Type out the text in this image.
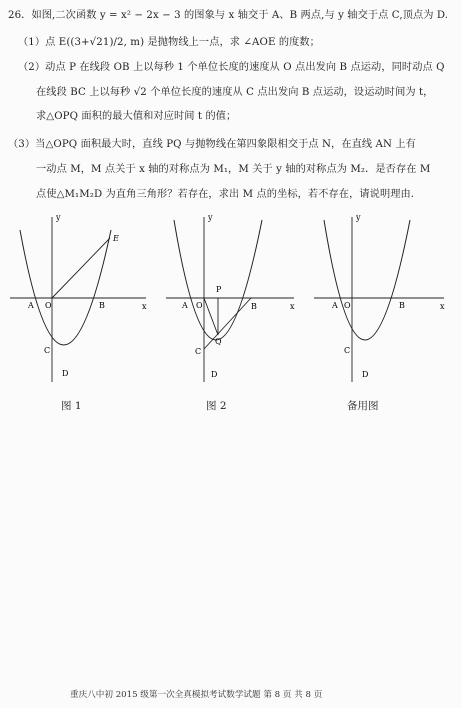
26．如图,二次函数 y = x² − 2x − 3 的图象与 x 轴交于 A、B 两点,与 y 轴交于点 C,顶点为 D.
（1）点 E((3+√21)/2, m) 是抛物线上一点，求 ∠AOE 的度数；
（2）动点 P 在线段 OB 上以每秒 1 个单位长度的速度从 O 点出发向 B 点运动，同时动点 Q
在线段 BC 上以每秒 √2 个单位长度的速度从 C 点出发向 B 点运动，设运动时间为 t，
求△OPQ 面积的最大值和对应时间 t 的值；
（3）当△OPQ 面积最大时，直线 PQ 与抛物线在第四象限相交于点 N，在直线 AN 上有
一动点 M，M 点关于 x 轴的对称点为 M₁，M 关于 y 轴的对称点为 M₂．是否存在 M
点使△M₁M₂D 为直角三角形？若存在，求出 M 点的坐标，若不存在，请说明理由.
y
x
A O	B
C
D
E
y
x
A O	B
P
Q
C
D
y
x
A O	B
C
D
图 1	图 2	备用图
重庆八中初 2015 级第一次全真模拟考试数学试题 第 8 页 共 8 页
